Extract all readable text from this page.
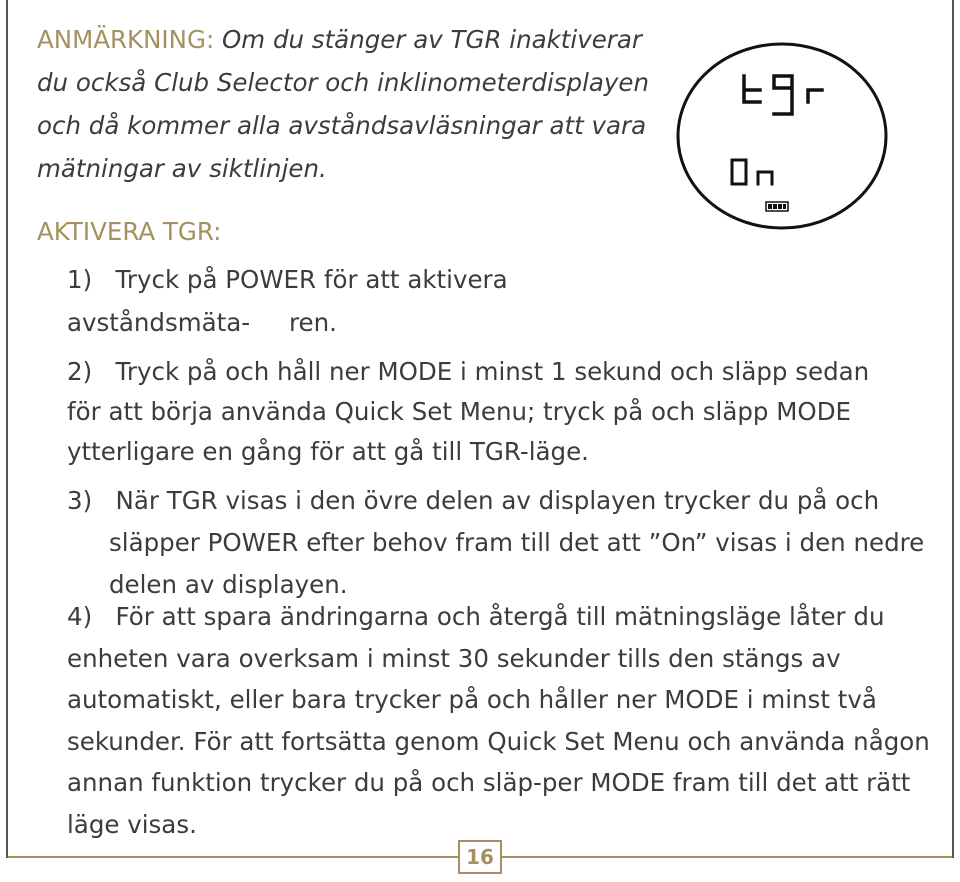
ANMÄRKNING: Om du stänger av TGR inaktiverar du också Club Selector och inklinometerdisplayen och då kommer alla avståndsavläsningar att vara mätningar av siktlinjen.
AKTIVERA TGR:
1) Tryck på POWER för att aktivera avståndsmäta-     ren.
2) Tryck på och håll ner MODE i minst 1 sekund och släpp sedan för att börja använda Quick Set Menu; tryck på och släpp MODE ytterligare en gång för att gå till TGR-läge.
3) När TGR visas i den övre delen av displayen trycker du på och släpper POWER efter behov fram till det att ”On” visas i den nedre delen av displayen.
4) För att spara ändringarna och återgå till mätningsläge låter du enheten vara overksam i minst 30 sekunder tills den stängs av automatiskt, eller bara trycker på och håller ner MODE i minst två sekunder. För att fortsätta genom Quick Set Menu och använda någon annan funktion trycker du på och släp-per MODE fram till det att rätt läge visas.
16
